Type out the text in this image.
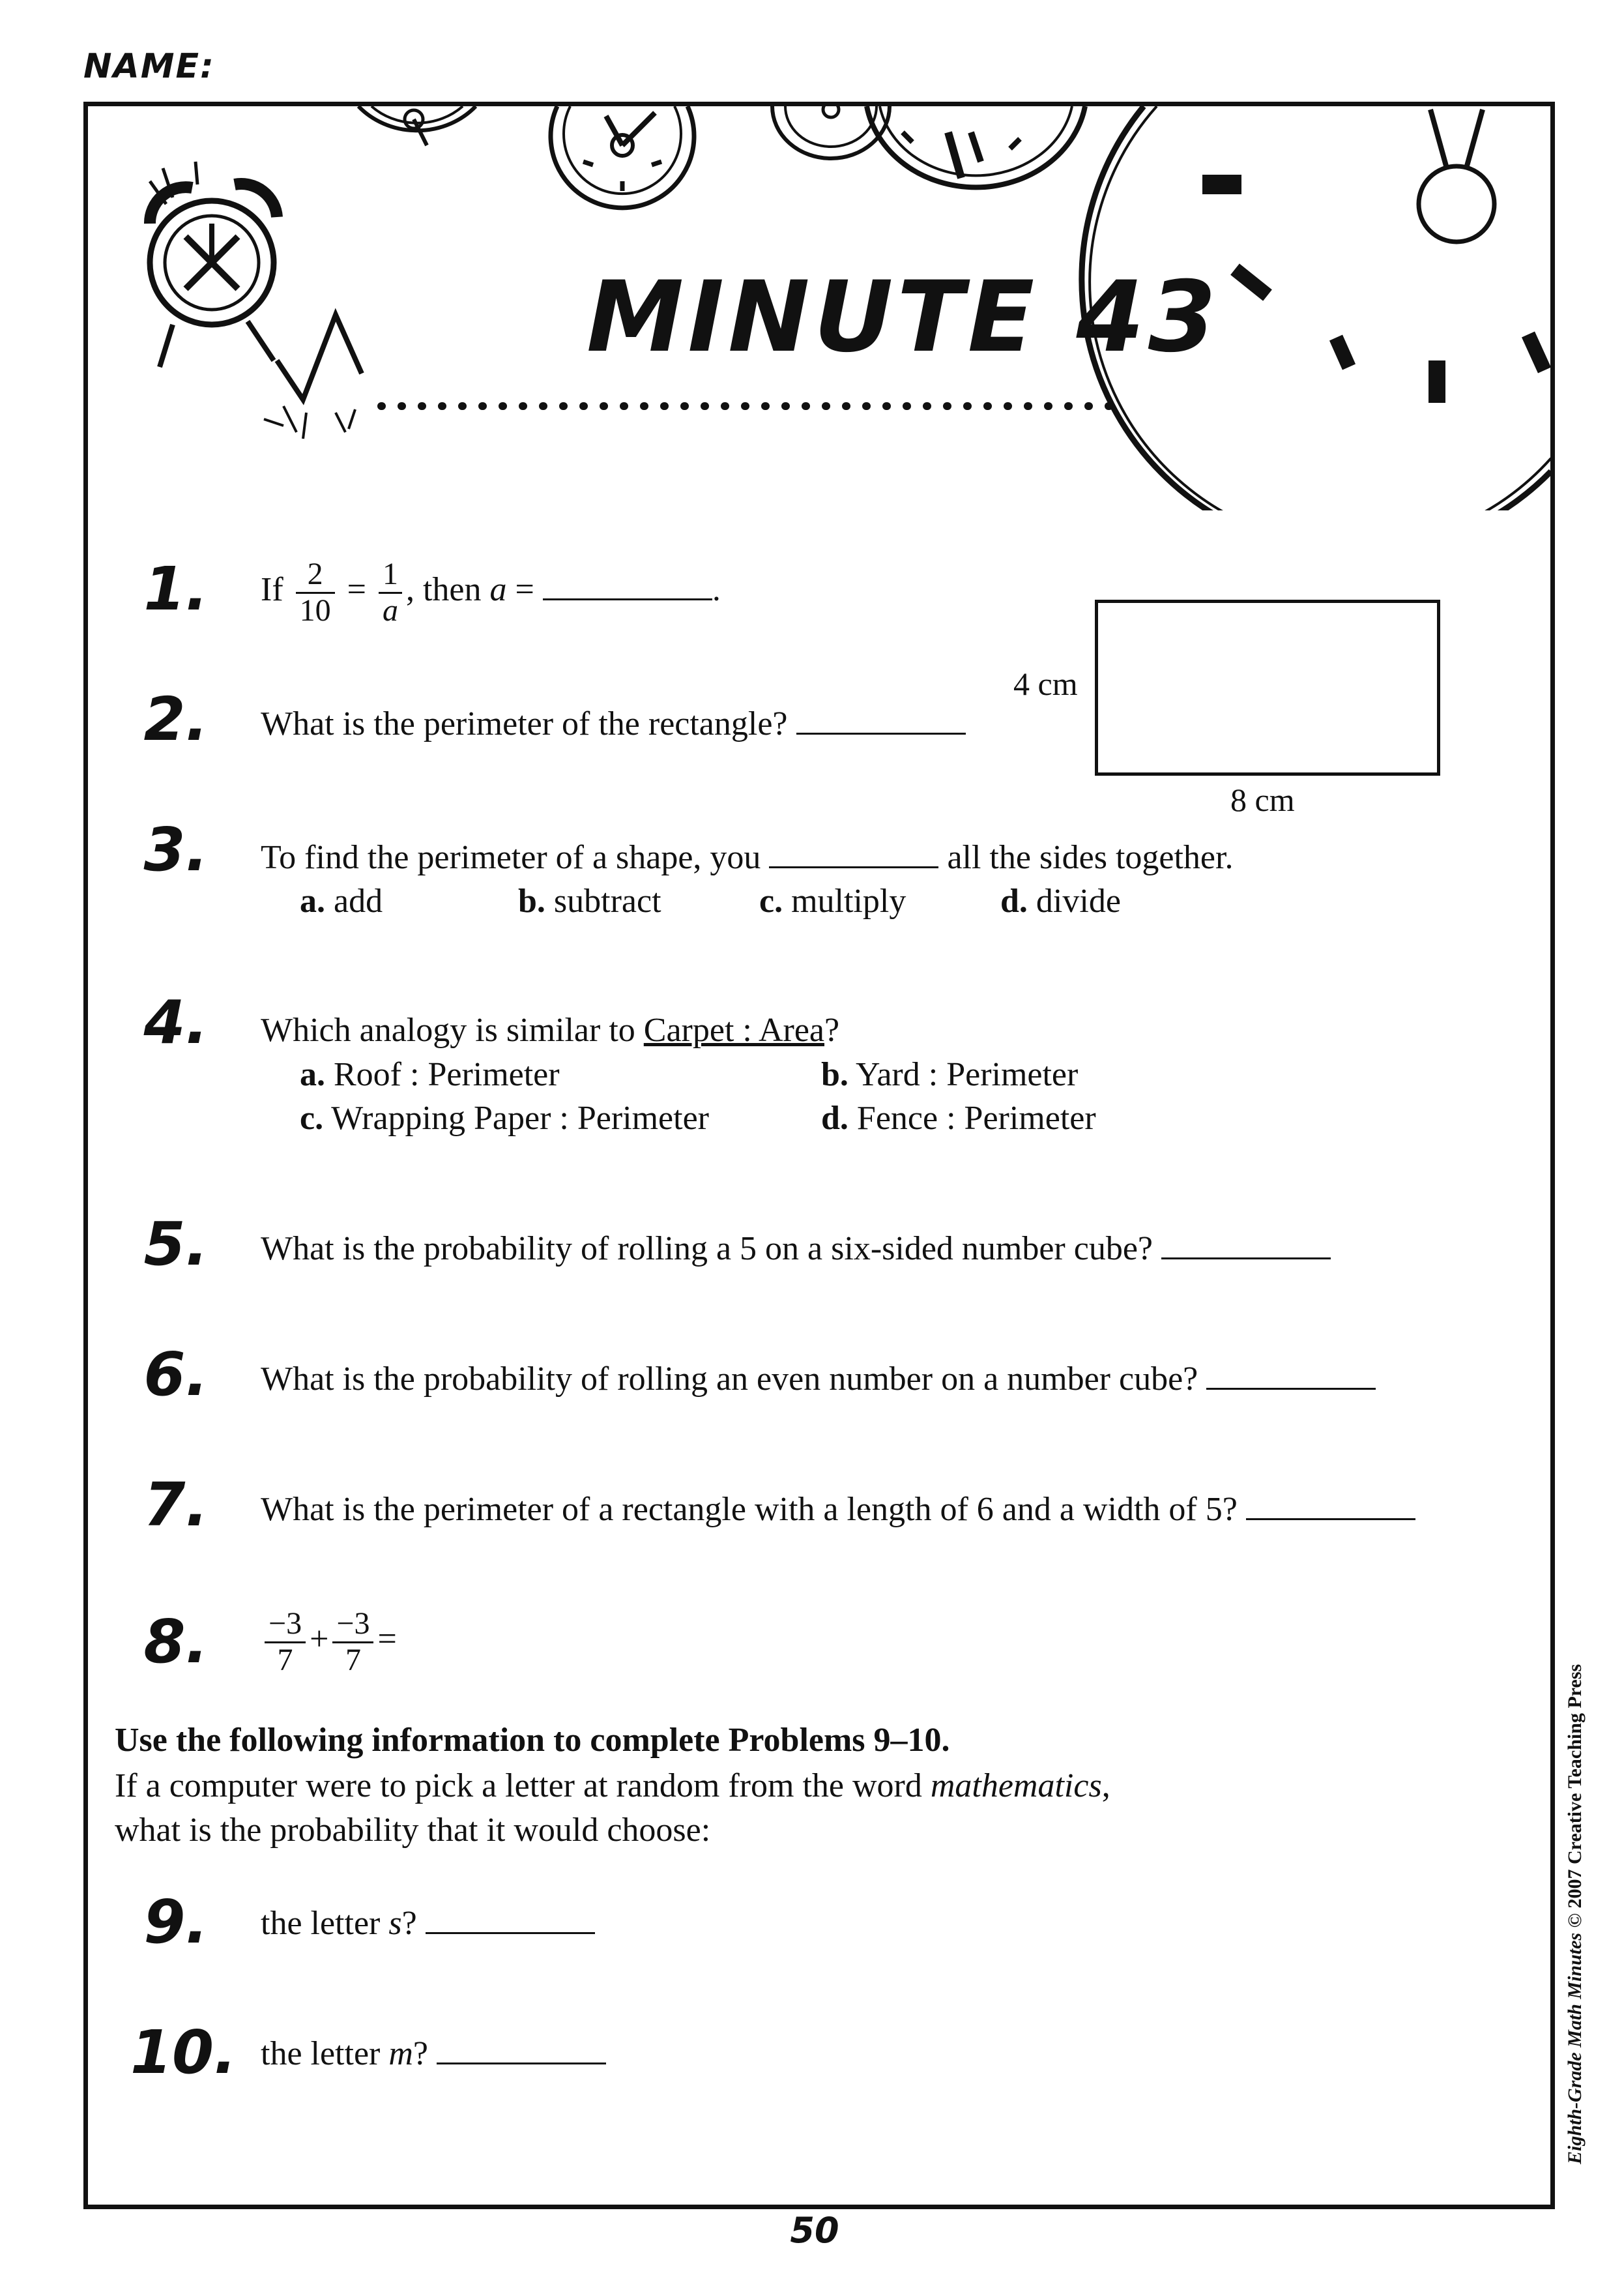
NAME:
MINUTE 43
1.	If $\frac{2}{10} = \frac{1}{a}$ , then a =	.
2.	What is the perimeter of the rectangle?
4 cm
8 cm
3.	To find the perimeter of a shape, you	all the sides together.
a. add	b. subtract	c. multiply	d. divide
4.	Which analogy is similar to Carpet : Area?
a. Roof : Perimeter	b. Yard : Perimeter
c. Wrapping Paper : Perimeter	d. Fence : Perimeter
5.	What is the probability of rolling a 5 on a six-sided number cube?
6.	What is the probability of rolling an even number on a number cube?
7.	What is the perimeter of a rectangle with a length of 6 and a width of 5?
8.	$\frac{-3}{7} + \frac{-3}{7}$ =
Use the following information to complete Problems 9–10.
If a computer were to pick a letter at random from the word mathematics,
what is the probability that it would choose:
9.	the letter s?
10. the letter m?
50
Eighth-Grade Math Minutes © 2007 Creative Teaching Press
